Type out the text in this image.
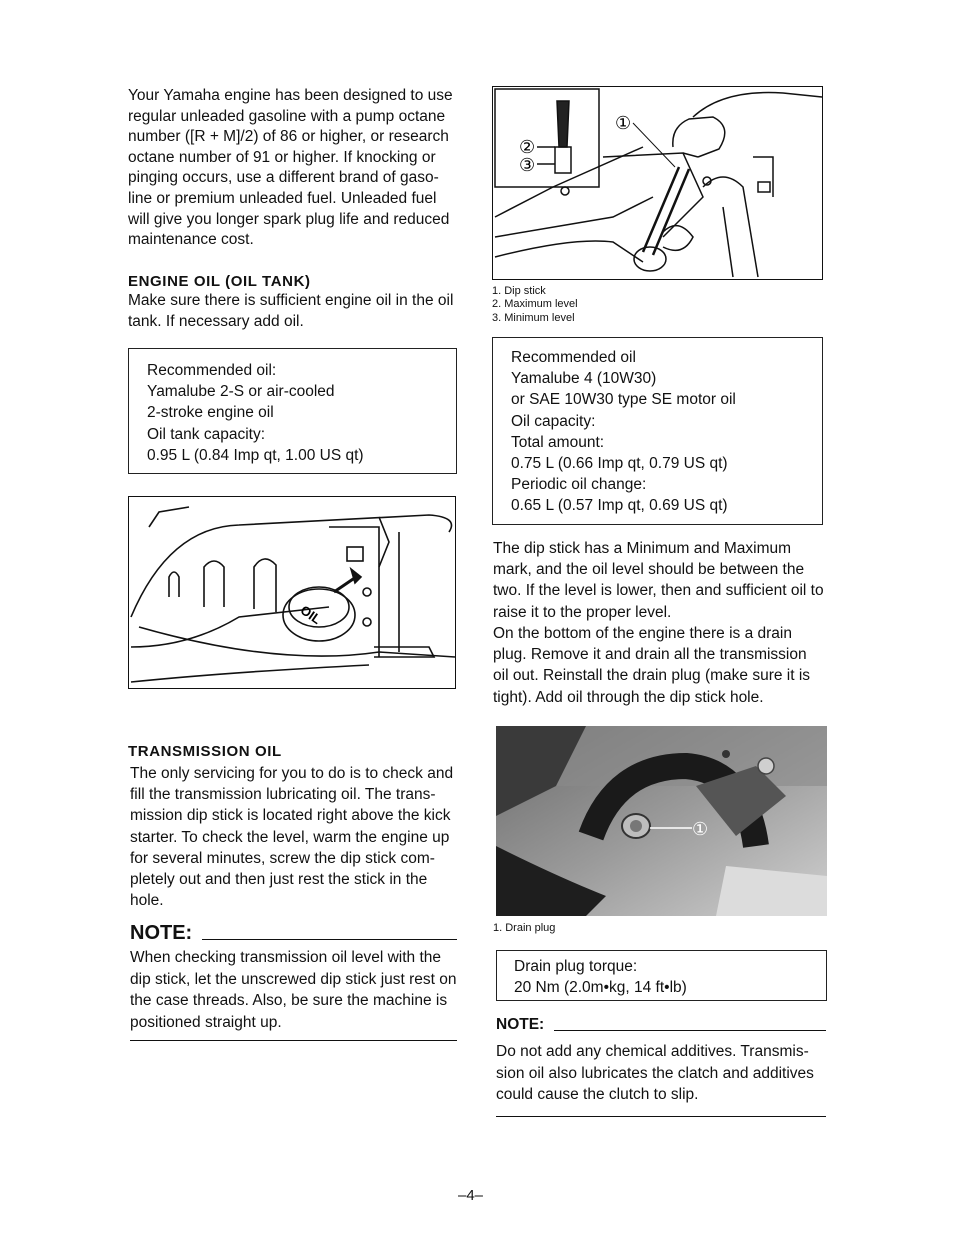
Your Yamaha engine has been designed to use regular unleaded gasoline with a pump octane number ([R + M]/2) of 86 or higher, or research octane number of 91 or higher. If knocking or pinging occurs, use a different brand of gaso-line or premium unleaded fuel. Unleaded fuel will give you longer spark plug life and reduced maintenance cost.

ENGINE OIL (OIL TANK)

Make sure there is sufficient engine oil in the oil tank. If necessary add oil.

Recommended oil:

Yamalube 2-S or air-cooled

2-stroke engine oil

Oil tank capacity:

0.95 L (0.84 Imp qt, 1.00 US qt)

OIL

TRANSMISSION OIL

The only servicing for you to do is to check and fill the transmission lubricating oil. The trans-mission dip stick is located right above the kick starter. To check the level, warm the engine up for several minutes, screw the dip stick com-pletely out and then just rest the stick in the hole.

NOTE:

When checking transmission oil level with the dip stick, let the unscrewed dip stick just rest on the case threads. Also, be sure the machine is positioned straight up.

①
②
③

1. Dip stick

2. Maximum level

3. Minimum level

Recommended oil

Yamalube 4 (10W30)

or SAE 10W30 type SE motor oil

Oil capacity:

Total amount:

0.75 L (0.66 Imp qt, 0.79 US qt)

Periodic oil change:

0.65 L (0.57 Imp qt, 0.69 US qt)

The dip stick has a Minimum and Maximum mark, and the oil level should be between the two. If the level is lower, then and sufficient oil to raise it to the proper level.

On the bottom of the engine there is a drain plug. Remove it and drain all the transmission oil out. Reinstall the drain plug (make sure it is tight). Add oil through the dip stick hole.

①

1. Drain plug

Drain plug torque:

20 Nm (2.0m•kg, 14 ft•lb)

NOTE:

Do not add any chemical additives. Transmis-sion oil also lubricates the clatch and additives could cause the clutch to slip.

–4–
